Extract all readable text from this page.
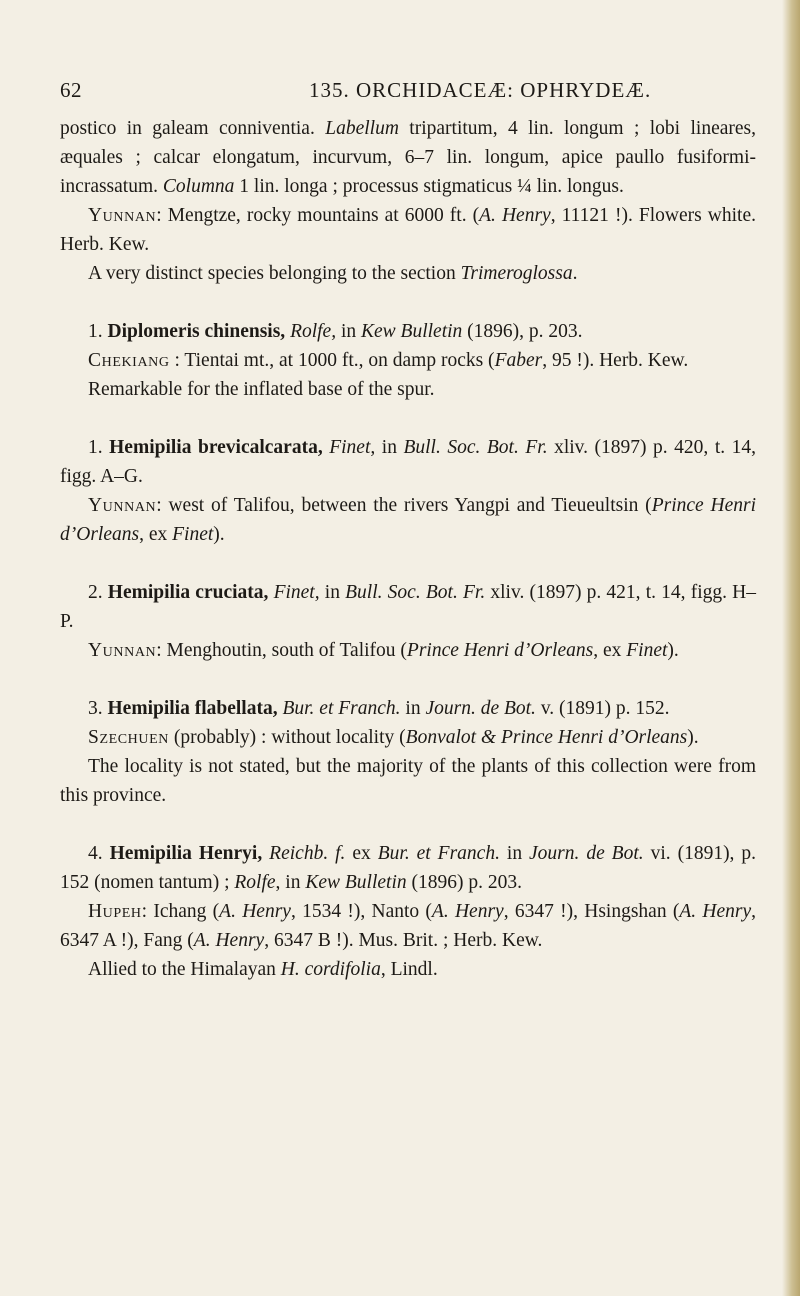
62	135. ORCHIDACEÆ: OPHRYDEÆ.

postico in galeam conniventia. Labellum tripartitum, 4 lin. longum ; lobi lineares, æquales ; calcar elongatum, incurvum, 6–7 lin. longum, apice paullo fusiformi-incrassatum. Columna 1 lin. longa ; processus stigmaticus ¼ lin. longus.

Yunnan: Mengtze, rocky mountains at 6000 ft. (A. Henry, 11121 !). Flowers white. Herb. Kew.

A very distinct species belonging to the section Trimeroglossa.

1. Diplomeris chinensis, Rolfe, in Kew Bulletin (1896), p. 203.

Chekiang : Tientai mt., at 1000 ft., on damp rocks (Faber, 95 !). Herb. Kew.

Remarkable for the inflated base of the spur.

1. Hemipilia brevicalcarata, Finet, in Bull. Soc. Bot. Fr. xliv. (1897) p. 420, t. 14, figg. A–G.

Yunnan: west of Talifou, between the rivers Yangpi and Tieueultsin (Prince Henri d’Orleans, ex Finet).

2. Hemipilia cruciata, Finet, in Bull. Soc. Bot. Fr. xliv. (1897) p. 421, t. 14, figg. H–P.

Yunnan: Menghoutin, south of Talifou (Prince Henri d’Orleans, ex Finet).

3. Hemipilia flabellata, Bur. et Franch. in Journ. de Bot. v. (1891) p. 152.

Szechuen (probably) : without locality (Bonvalot & Prince Henri d’Orleans).

The locality is not stated, but the majority of the plants of this collection were from this province.

4. Hemipilia Henryi, Reichb. f. ex Bur. et Franch. in Journ. de Bot. vi. (1891), p. 152 (nomen tantum) ; Rolfe, in Kew Bulletin (1896) p. 203.

Hupeh: Ichang (A. Henry, 1534 !), Nanto (A. Henry, 6347 !), Hsingshan (A. Henry, 6347 A !), Fang (A. Henry, 6347 B !). Mus. Brit. ; Herb. Kew.

Allied to the Himalayan H. cordifolia, Lindl.
